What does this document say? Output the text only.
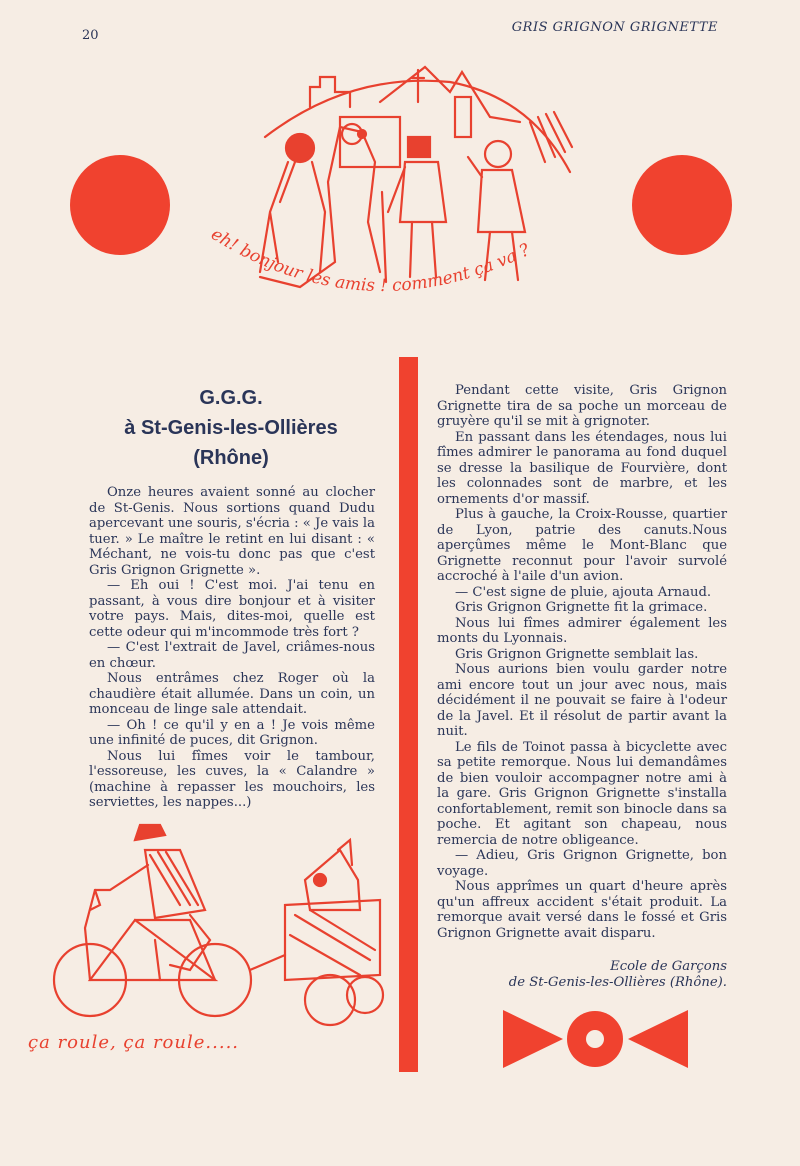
20
GRIS GRIGNON GRIGNETTE
eh! bonjour les amis ! comment ça va ?
G.G.G.
à St-Genis-les-Ollières
(Rhône)

Onze heures avaient sonné au clocher de St-Genis. Nous sortions quand Dudu apercevant une souris, s'écria : « Je vais la tuer. » Le maître le retint en lui disant : « Méchant, ne vois-tu donc pas que c'est Gris Grignon Grignette ».

— Eh oui ! C'est moi. J'ai tenu en passant, à vous dire bonjour et à visiter votre pays. Mais, dites-moi, quelle est cette odeur qui m'incommode très fort ?

— C'est l'extrait de Javel, criâmes-nous en chœur.

Nous entrâmes chez Roger où la chaudière était allumée. Dans un coin, un monceau de linge sale attendait.

— Oh ! ce qu'il y en a ! Je vois même une infinité de puces, dit Grignon.

Nous lui fîmes voir le tambour, l'essoreuse, les cuves, la « Calandre » (machine à repasser les mouchoirs, les serviettes, les nappes...)

Pendant cette visite, Gris Grignon Grignette tira de sa poche un morceau de gruyère qu'il se mit à grignoter.

En passant dans les étendages, nous lui fîmes admirer le panorama au fond duquel se dresse la basilique de Fourvière, dont les colonnades sont de marbre, et les ornements d'or massif.

Plus à gauche, la Croix-Rousse, quartier de Lyon, patrie des canuts.Nous aperçûmes même le Mont-Blanc que Grignette reconnut pour l'avoir survolé accroché à l'aile d'un avion.

— C'est signe de pluie, ajouta Arnaud.

Gris Grignon Grignette fit la grimace.

Nous lui fîmes admirer également les monts du Lyonnais.

Gris Grignon Grignette semblait las.

Nous aurions bien voulu garder notre ami encore tout un jour avec nous, mais décidément il ne pouvait se faire à l'odeur de la Javel. Et il résolut de partir avant la nuit.

Le fils de Toinot passa à bicyclette avec sa petite remorque. Nous lui demandâmes de bien vouloir accompagner notre ami à la gare. Gris Grignon Grignette s'installa confortablement, remit son binocle dans sa poche. Et agitant son chapeau, nous remercia de notre obligeance.

— Adieu, Gris Grignon Grignette, bon voyage.

Nous apprîmes un quart d'heure après qu'un affreux accident s'était produit. La remorque avait versé dans le fossé et Gris Grignon Grignette avait disparu.

Ecole de Garçons
de St-Genis-les-Ollières (Rhône).
ça roule, ça roule.....
